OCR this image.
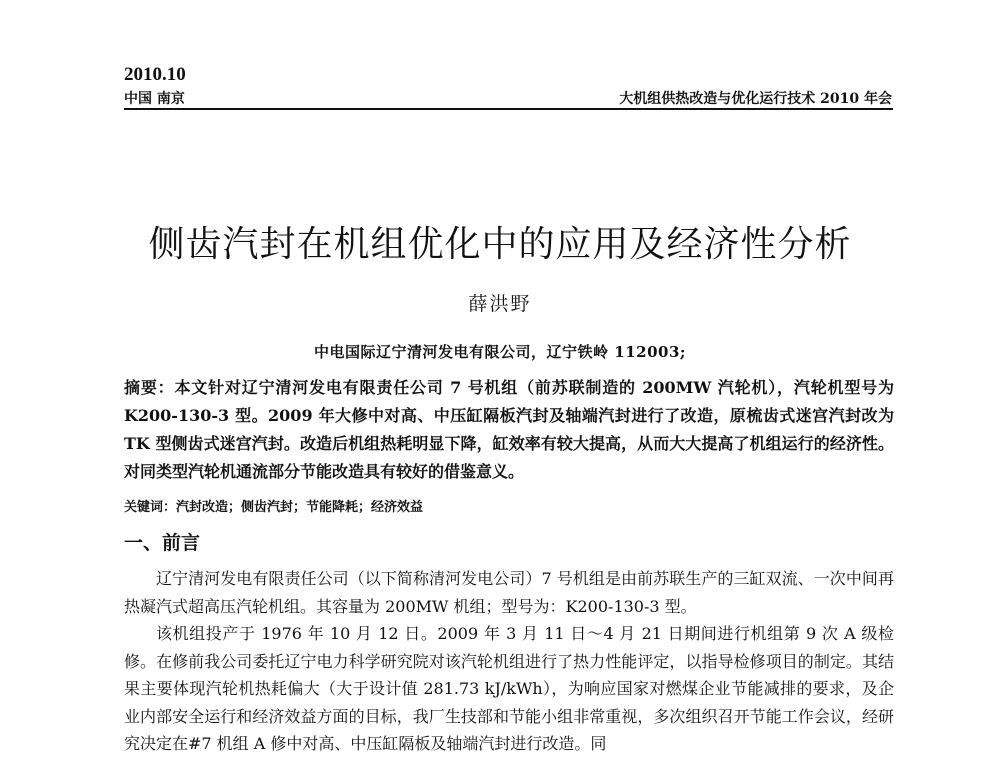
2010.10
中国 南京	大机组供热改造与优化运行技术 2010 年会
侧齿汽封在机组优化中的应用及经济性分析
薛洪野
中电国际辽宁清河发电有限公司，辽宁铁岭 112003;
摘要：本文针对辽宁清河发电有限责任公司 7 号机组（前苏联制造的 200MW 汽轮机），汽轮机型号为 K200-130-3 型。2009 年大修中对高、中压缸隔板汽封及轴端汽封进行了改造，原梳齿式迷宫汽封改为 TK 型侧齿式迷宫汽封。改造后机组热耗明显下降，缸效率有较大提高，从而大大提高了机组运行的经济性。对同类型汽轮机通流部分节能改造具有较好的借鉴意义。
关键词：汽封改造；侧齿汽封；节能降耗；经济效益
一、前言

辽宁清河发电有限责任公司（以下简称清河发电公司）7 号机组是由前苏联生产的三缸双流、一次中间再热凝汽式超高压汽轮机组。其容量为 200MW 机组；型号为：K200-130-3 型。

该机组投产于 1976 年 10 月 12 日。2009 年 3 月 11 日～4 月 21 日期间进行机组第 9 次 A 级检修。在修前我公司委托辽宁电力科学研究院对该汽轮机组进行了热力性能评定，以指导检修项目的制定。其结果主要体现汽轮机热耗偏大（大于设计值 281.73 kJ/kWh），为响应国家对燃煤企业节能减排的要求，及企业内部安全运行和经济效益方面的目标，我厂生技部和节能小组非常重视，多次组织召开节能工作会议，经研究决定在#7 机组 A 修中对高、中压缸隔板及轴端汽封进行改造。同
